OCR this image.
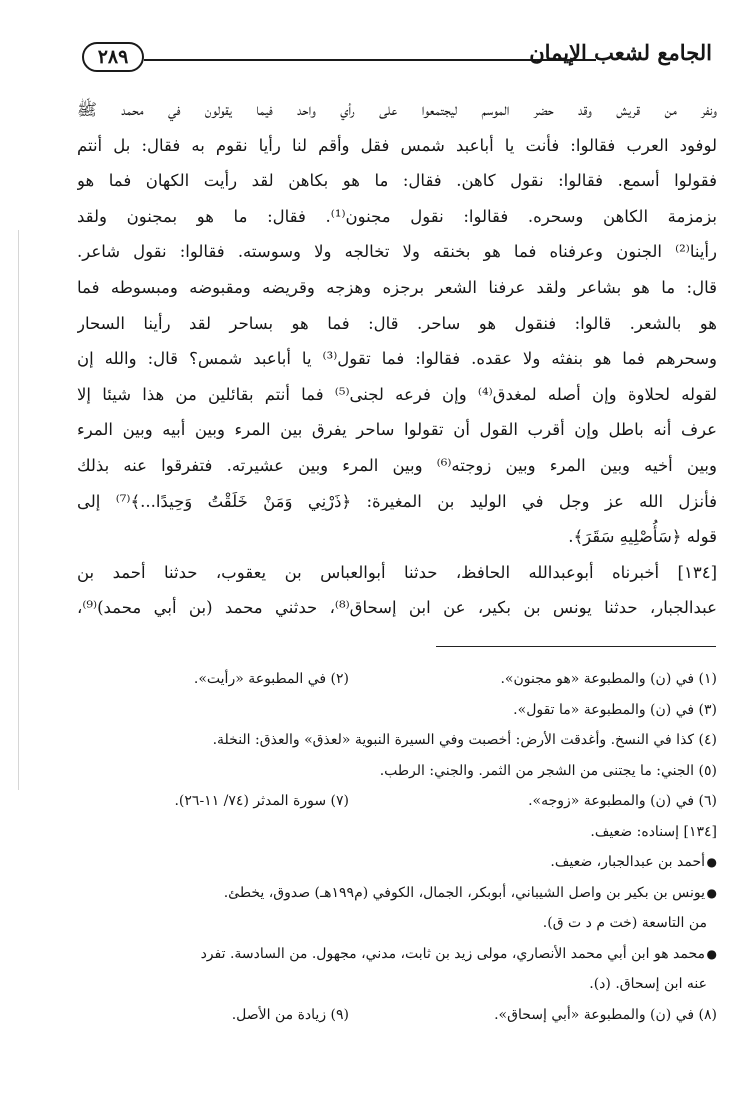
٢٨٩	الجامع لشعب الإيمان
ونفر من قريش وقد حضر الموسم ليجتمعوا على رأي واحد فيما يقولون في محمد ﷺ
لوفود العرب فقالوا: فأنت يا أباعبد شمس فقل وأقم لنا رأيا نقوم به فقال: بل أنتم
فقولوا أسمع. فقالوا: نقول كاهن. فقال: ما هو بكاهن لقد رأيت الكهان فما هو
بزمزمة الكاهن وسحره. فقالوا: نقول مجنون⁽¹⁾. فقال: ما هو بمجنون ولقد
رأينا⁽²⁾ الجنون وعرفناه فما هو بخنقه ولا تخالجه ولا وسوسته. فقالوا: نقول شاعر.
قال: ما هو بشاعر ولقد عرفنا الشعر برجزه وهزجه وقريضه ومقبوضه ومبسوطه فما
هو بالشعر. قالوا: فنقول هو ساحر. قال: فما هو بساحر لقد رأينا السحار
وسحرهم فما هو بنفثه ولا عقده. فقالوا: فما تقول⁽³⁾ يا أباعبد شمس؟ قال: والله إن
لقوله لحلاوة وإن أصله لمغدق⁽⁴⁾ وإن فرعه لجنى⁽⁵⁾ فما أنتم بقائلين من هذا شيئا إلا
عرف أنه باطل وإن أقرب القول أن تقولوا ساحر يفرق بين المرء وبين أبيه وبين المرء
وبين أخيه وبين المرء وبين زوجته⁽⁶⁾ وبين المرء وبين عشيرته. فتفرقوا عنه بذلك
فأنزل الله عز وجل في الوليد بن المغيرة: ﴿ذَرْنِي وَمَنْ خَلَقْتُ وَحِيدًا...﴾⁽⁷⁾ إلى
قوله ﴿سَأُصْلِيهِ سَقَرَ﴾.
[١٣٤] أخبرناه أبوعبدالله الحافظ، حدثنا أبوالعباس بن يعقوب، حدثنا أحمد بن
عبدالجبار، حدثنا يونس بن بكير، عن ابن إسحاق⁽⁸⁾، حدثني محمد (بن أبي محمد)⁽⁹⁾،
(١) في (ن) والمطبوعة «هو مجنون».
(٢) في المطبوعة «رأيت».
(٣) في (ن) والمطبوعة «ما تقول».
(٤) كذا في النسخ. وأغدقت الأرض: أخصبت وفي السيرة النبوية «لعذق» والعذق: النخلة.
(٥) الجني: ما يجتنى من الشجر من الثمر. والجني: الرطب.
(٦) في (ن) والمطبوعة «زوجه».
(٧) سورة المدثر (٧٤/ ١١-٢٦).
[١٣٤] إسناده: ضعيف.
●
أحمد بن عبدالجبار، ضعيف.
●
يونس بن بكير بن واصل الشيباني، أبوبكر، الجمال، الكوفي (م١٩٩هـ) صدوق، يخطئ.
من التاسعة (خت م د ت ق).
●
محمد هو ابن أبي محمد الأنصاري، مولى زيد بن ثابت، مدني، مجهول. من السادسة. تفرد
عنه ابن إسحاق. (د).
(٨) في (ن) والمطبوعة «أبي إسحاق».
(٩) زيادة من الأصل.
